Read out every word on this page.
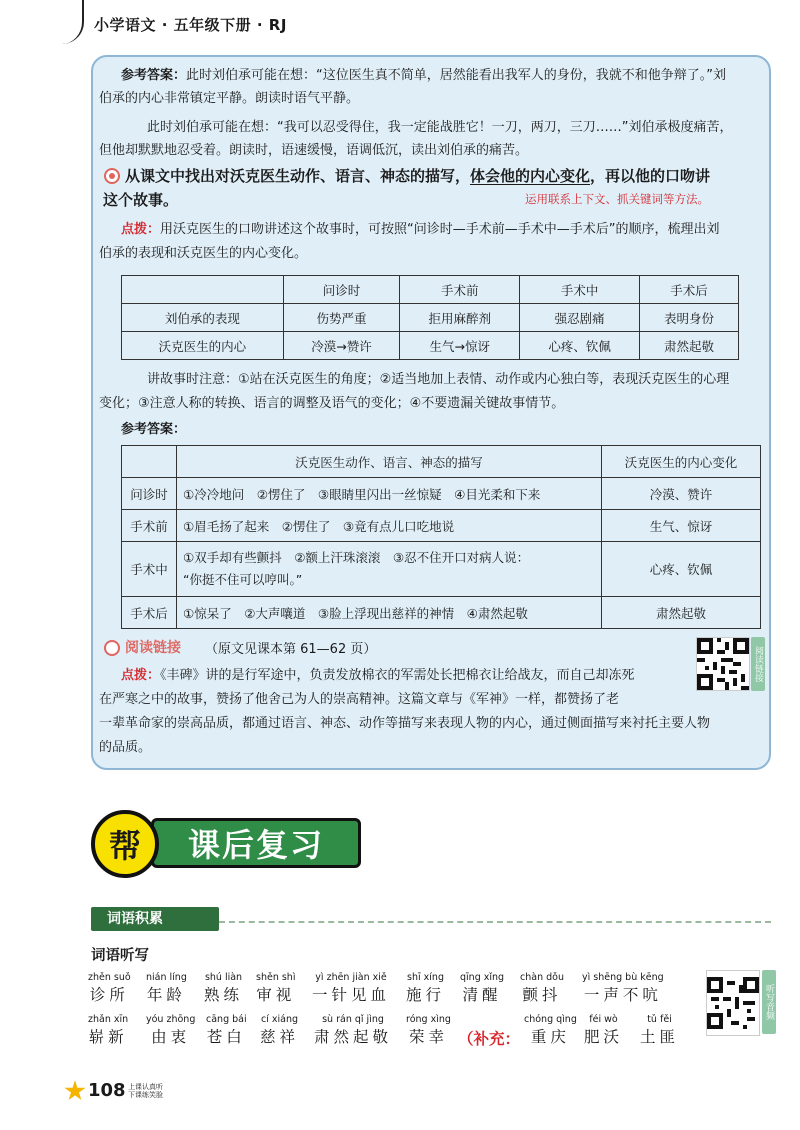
小学语文 · 五年级下册 · RJ
参考答案：此时刘伯承可能在想：“这位医生真不简单，居然能看出我军人的身份，我就不和他争辩了。”刘
伯承的内心非常镇定平静。朗读时语气平静。
此时刘伯承可能在想：“我可以忍受得住，我一定能战胜它！一刀，两刀，三刀……”刘伯承极度痛苦，
但他却默默地忍受着。朗读时，语速缓慢，语调低沉，读出刘伯承的痛苦。
从课文中找出对沃克医生动作、语言、神态的描写，体会他的内心变化，再以他的口吻讲
这个故事。	运用联系上下文、抓关键词等方法。
点拨：用沃克医生的口吻讲述这个故事时，可按照“问诊时—手术前—手术中—手术后”的顺序，梳理出刘
伯承的表现和沃克医生的内心变化。
	问诊时	手术前	手术中	手术后
刘伯承的表现	伤势严重	拒用麻醉剂	强忍剧痛	表明身份
沃克医生的内心	冷漠→赞许	生气→惊讶	心疼、钦佩	肃然起敬
讲故事时注意：①站在沃克医生的角度；②适当地加上表情、动作或内心独白等，表现沃克医生的心理
变化；③注意人称的转换、语言的调整及语气的变化；④不要遗漏关键故事情节。
参考答案：
	沃克医生动作、语言、神态的描写	沃克医生的内心变化
问诊时	①冷冷地问　②愣住了　③眼睛里闪出一丝惊疑　④目光柔和下来	冷漠、赞许
手术前	①眉毛扬了起来　②愣住了　③竟有点儿口吃地说	生气、惊讶
手术中	①双手却有些颤抖　②额上汗珠滚滚　③忍不住开口对病人说：
“你挺不住可以哼叫。”	心疼、钦佩
手术后	①惊呆了　②大声嚷道　③脸上浮现出慈祥的神情　④肃然起敬	肃然起敬
阅读链接 （原文见课本第 61—62 页）	阅读链接
点拨：《丰碑》讲的是行军途中，负责发放棉衣的军需处长把棉衣让给战友，而自己却冻死
在严寒之中的故事，赞扬了他舍己为人的崇高精神。这篇文章与《军神》一样，都赞扬了老
一辈革命家的崇高品质，都通过语言、神态、动作等描写来表现人物的内心，通过侧面描写来衬托主要人物
的品质。
课后复习
帮
词语积累
词语听写
zhěn suǒ
诊所
nián líng
年龄
shú liàn
熟练
shěn shì
审视
yì zhēn jiàn xiě
一针见血
shī xíng
施行
qīng xǐng
清醒
chàn dǒu
颤抖
yì shēng bù kēng
一声不吭
zhǎn xīn
崭新
yóu zhōng
由衷
cāng bái
苍白
cí xiáng
慈祥
sù rán qǐ jìng
肃然起敬
róng xìng
荣幸 （补充：
chóng qìng
重庆
féi wò
肥沃
tǔ fěi
土匪
听写音频
108 上课认真听 下课练笑脸
